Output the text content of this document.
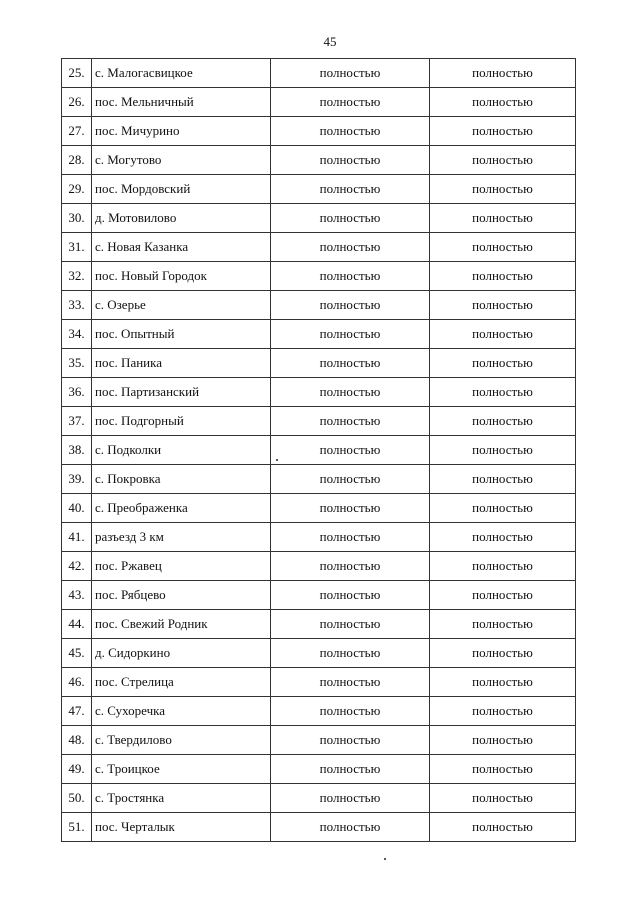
45
25.	с. Малогасвицкое	полностью	полностью
26.	пос. Мельничный	полностью	полностью
27.	пос. Мичурино	полностью	полностью
28.	с. Могутово	полностью	полностью
29.	пос. Мордовский	полностью	полностью
30.	д. Мотовилово	полностью	полностью
31.	с. Новая Казанка	полностью	полностью
32.	пос. Новый Городок	полностью	полностью
33.	с. Озерье	полностью	полностью
34.	пос. Опытный	полностью	полностью
35.	пос. Паника	полностью	полностью
36.	пос. Партизанский	полностью	полностью
37.	пос. Подгорный	полностью	полностью
38.	с. Подколки	полностью	полностью
39.	с. Покровка	полностью	полностью
40.	с. Преображенка	полностью	полностью
41.	разъезд 3 км	полностью	полностью
42.	пос. Ржавец	полностью	полностью
43.	пос. Рябцево	полностью	полностью
44.	пос. Свежий Родник	полностью	полностью
45.	д. Сидоркино	полностью	полностью
46.	пос. Стрелица	полностью	полностью
47.	с. Сухоречка	полностью	полностью
48.	с. Твердилово	полностью	полностью
49.	с. Троицкое	полностью	полностью
50.	с. Тростянка	полностью	полностью
51.	пос. Черталык	полностью	полностью
